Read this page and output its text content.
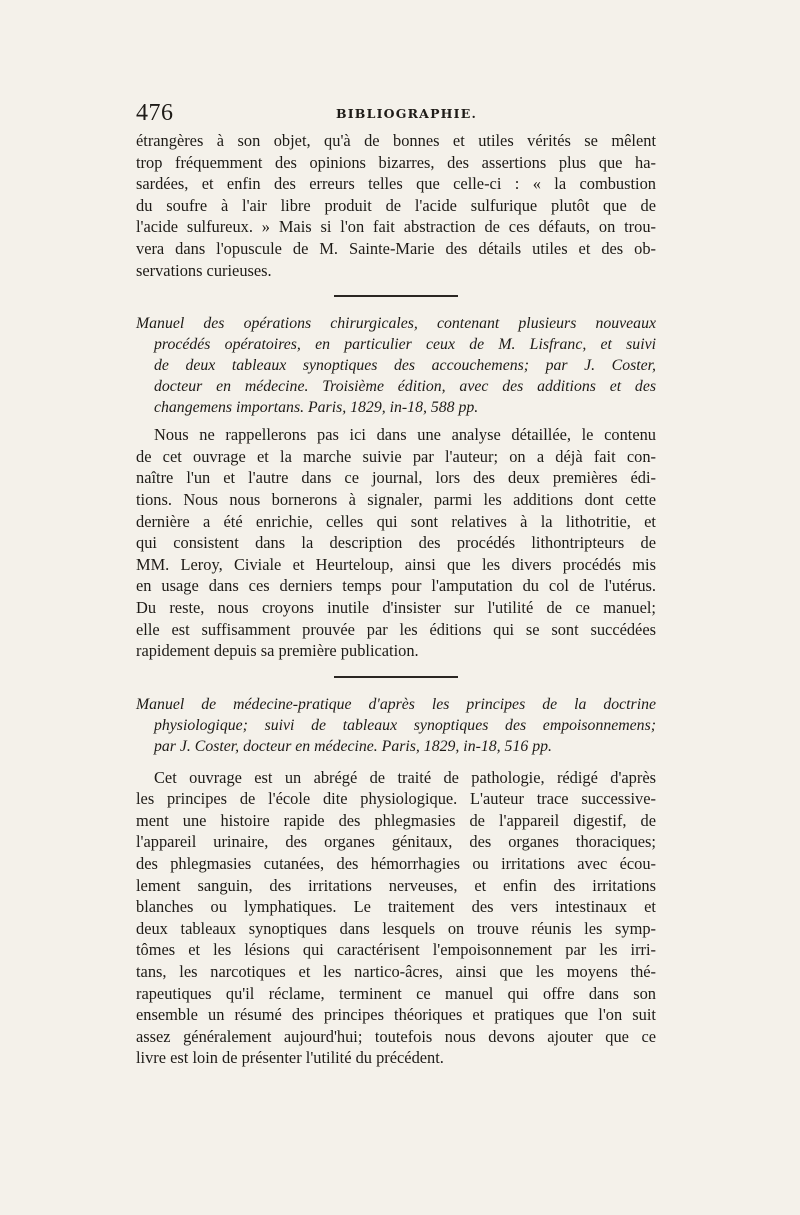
476	BIBLIOGRAPHIE.
étrangères à son objet, qu'à de bonnes et utiles vérités se mêlent
trop fréquemment des opinions bizarres, des assertions plus que ha-
sardées, et enfin des erreurs telles que celle-ci : « la combustion
du soufre à l'air libre produit de l'acide sulfurique plutôt que de
l'acide sulfureux. » Mais si l'on fait abstraction de ces défauts, on trou-
vera dans l'opuscule de M. Sainte-Marie des détails utiles et des ob-
servations curieuses.
Manuel des opérations chirurgicales, contenant plusieurs nouveaux
procédés opératoires, en particulier ceux de M. Lisfranc, et suivi
de deux tableaux synoptiques des accouchemens; par J. Coster,
docteur en médecine. Troisième édition, avec des additions et des
changemens importans. Paris, 1829, in-18, 588 pp.
Nous ne rappellerons pas ici dans une analyse détaillée, le contenu
de cet ouvrage et la marche suivie par l'auteur; on a déjà fait con-
naître l'un et l'autre dans ce journal, lors des deux premières édi-
tions. Nous nous bornerons à signaler, parmi les additions dont cette
dernière a été enrichie, celles qui sont relatives à la lithotritie, et
qui consistent dans la description des procédés lithontripteurs de
MM. Leroy, Civiale et Heurteloup, ainsi que les divers procédés mis
en usage dans ces derniers temps pour l'amputation du col de l'utérus.
Du reste, nous croyons inutile d'insister sur l'utilité de ce manuel;
elle est suffisamment prouvée par les éditions qui se sont succédées
rapidement depuis sa première publication.
Manuel de médecine-pratique d'après les principes de la doctrine
physiologique; suivi de tableaux synoptiques des empoisonnemens;
par J. Coster, docteur en médecine. Paris, 1829, in-18, 516 pp.
Cet ouvrage est un abrégé de traité de pathologie, rédigé d'après
les principes de l'école dite physiologique. L'auteur trace successive-
ment une histoire rapide des phlegmasies de l'appareil digestif, de
l'appareil urinaire, des organes génitaux, des organes thoraciques;
des phlegmasies cutanées, des hémorrhagies ou irritations avec écou-
lement sanguin, des irritations nerveuses, et enfin des irritations
blanches ou lymphatiques. Le traitement des vers intestinaux et
deux tableaux synoptiques dans lesquels on trouve réunis les symp-
tômes et les lésions qui caractérisent l'empoisonnement par les irri-
tans, les narcotiques et les nartico-âcres, ainsi que les moyens thé-
rapeutiques qu'il réclame, terminent ce manuel qui offre dans son
ensemble un résumé des principes théoriques et pratiques que l'on suit
assez généralement aujourd'hui; toutefois nous devons ajouter que ce
livre est loin de présenter l'utilité du précédent.
